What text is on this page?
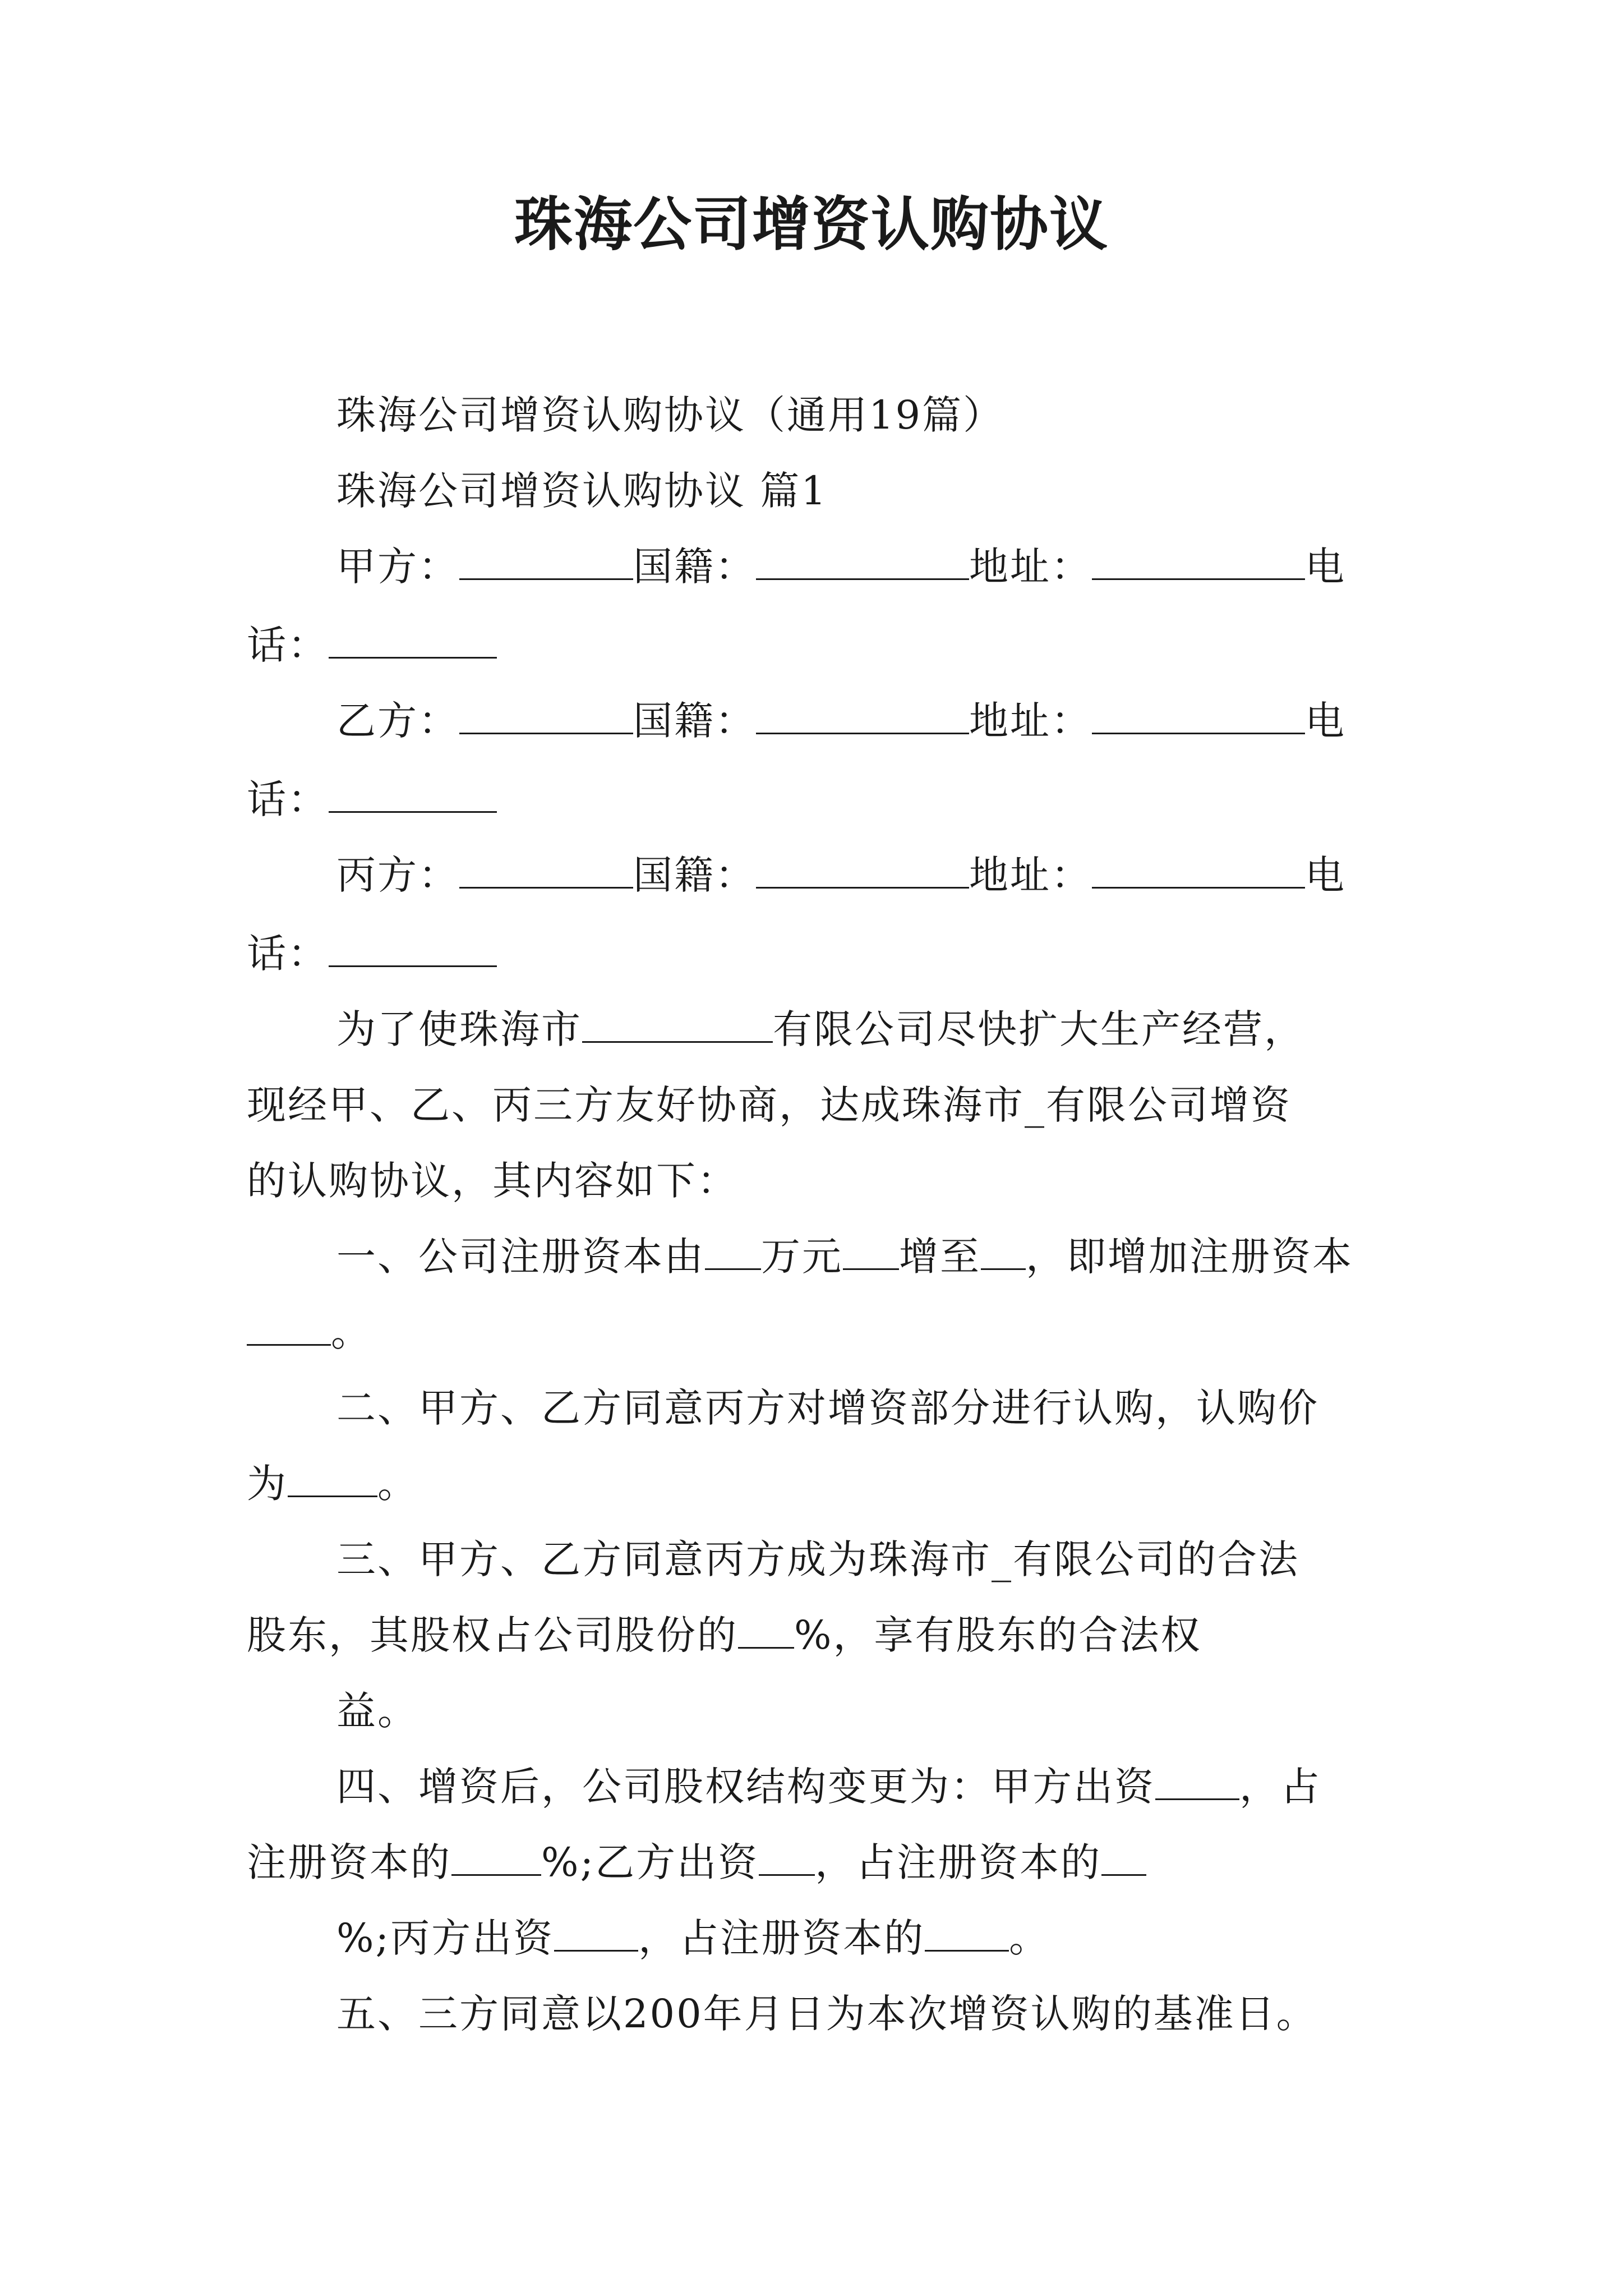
珠海公司增资认购协议
珠海公司增资认购协议（通用19篇）
珠海公司增资认购协议 篇1
甲方：	国籍：	地址：	电
话：
乙方：	国籍：	地址：	电
话：
丙方：	国籍：	地址：	电
话：
为了使珠海市	有限公司尽快扩大生产经营，
现经甲、乙、丙三方友好协商，达成珠海市_有限公司增资
的认购协议，其内容如下：
一、公司注册资本由 万元 增至 ，即增加注册资本
。
二、甲方、乙方同意丙方对增资部分进行认购，认购价
为 。
三、甲方、乙方同意丙方成为珠海市_有限公司的合法
股东，其股权占公司股份的 %，享有股东的合法权
益。
四、增资后，公司股权结构变更为：甲方出资 ，占
注册资本的 %;乙方出资 ，占注册资本的
%;丙方出资 ，占注册资本的 。
五、三方同意以200年月日为本次增资认购的基准日。
